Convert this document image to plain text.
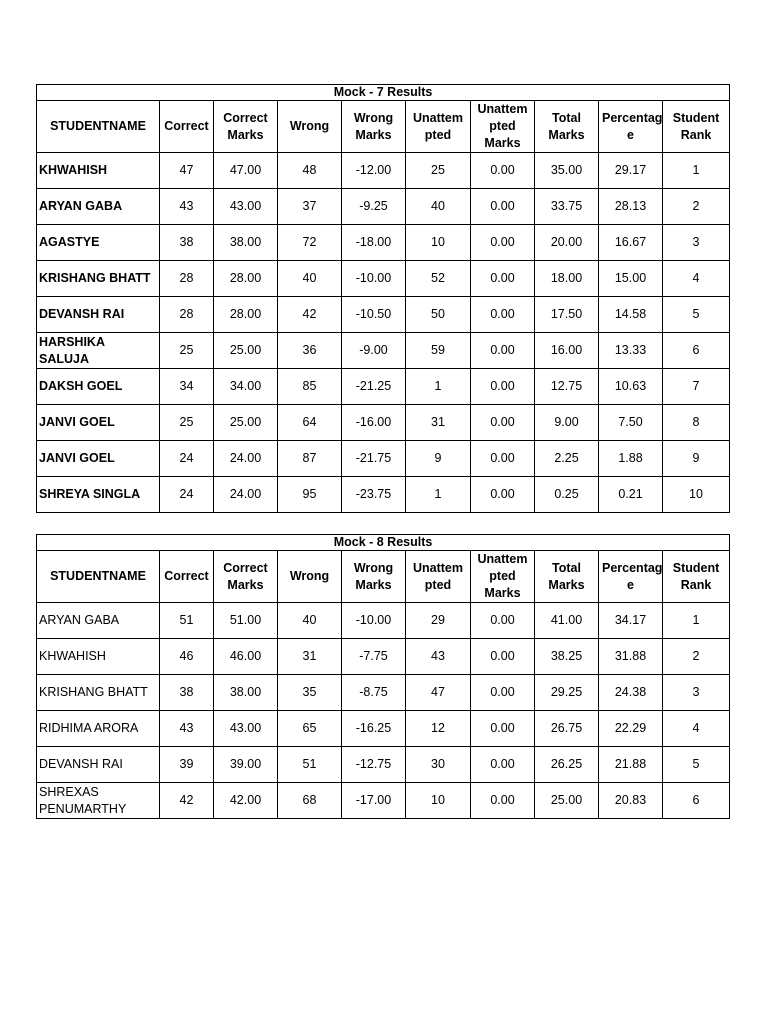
Mock - 7 Results									
STUDENTNAME	Correct	Correct Marks	Wrong	Wrong Marks	Unattem pted	Unattem pted Marks	Total Marks	Percentag e	Student Rank
KHWAHISH	47	47.00	48	-12.00	25	0.00	35.00	29.17	1
ARYAN GABA	43	43.00	37	-9.25	40	0.00	33.75	28.13	2
AGASTYE	38	38.00	72	-18.00	10	0.00	20.00	16.67	3
KRISHANG BHATT	28	28.00	40	-10.00	52	0.00	18.00	15.00	4
DEVANSH RAI	28	28.00	42	-10.50	50	0.00	17.50	14.58	5
HARSHIKA SALUJA	25	25.00	36	-9.00	59	0.00	16.00	13.33	6
DAKSH GOEL	34	34.00	85	-21.25	1	0.00	12.75	10.63	7
JANVI GOEL	25	25.00	64	-16.00	31	0.00	9.00	7.50	8
JANVI GOEL	24	24.00	87	-21.75	9	0.00	2.25	1.88	9
SHREYA SINGLA	24	24.00	95	-23.75	1	0.00	0.25	0.21	10
Mock - 8 Results									
STUDENTNAME	Correct	Correct Marks	Wrong	Wrong Marks	Unattem pted	Unattem pted Marks	Total Marks	Percentag e	Student Rank
ARYAN GABA	51	51.00	40	-10.00	29	0.00	41.00	34.17	1
KHWAHISH	46	46.00	31	-7.75	43	0.00	38.25	31.88	2
KRISHANG BHATT	38	38.00	35	-8.75	47	0.00	29.25	24.38	3
RIDHIMA ARORA	43	43.00	65	-16.25	12	0.00	26.75	22.29	4
DEVANSH RAI	39	39.00	51	-12.75	30	0.00	26.25	21.88	5
SHREXAS PENUMARTHY	42	42.00	68	-17.00	10	0.00	25.00	20.83	6
